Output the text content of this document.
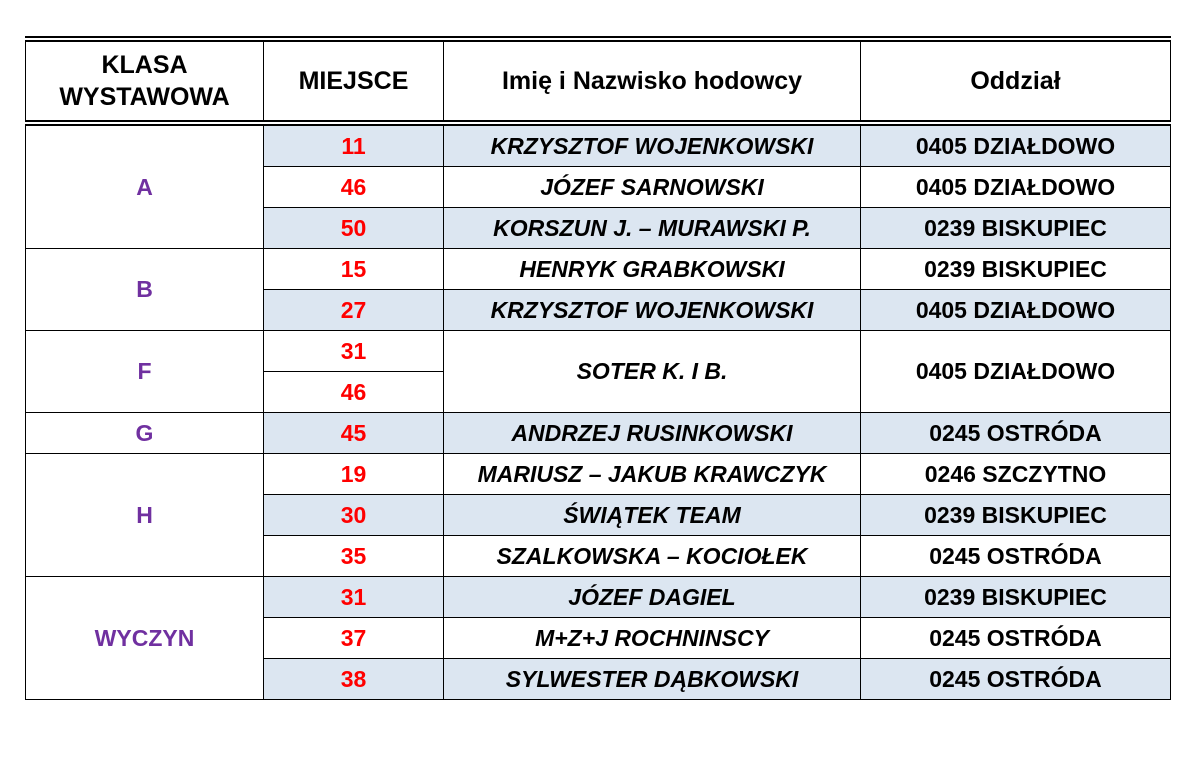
KLASA WYSTAWOWA	MIEJSCE	Imię i Nazwisko hodowcy	Oddział
A	11	KRZYSZTOF WOJENKOWSKI	0405 DZIAŁDOWO
	46	JÓZEF SARNOWSKI	0405 DZIAŁDOWO
	50	KORSZUN J. – MURAWSKI P.	0239 BISKUPIEC
B	15	HENRYK GRABKOWSKI	0239 BISKUPIEC
	27	KRZYSZTOF WOJENKOWSKI	0405 DZIAŁDOWO
F	31	SOTER K. I B.	0405 DZIAŁDOWO
	46		
G	45	ANDRZEJ RUSINKOWSKI	0245 OSTRÓDA
H	19	MARIUSZ – JAKUB KRAWCZYK	0246 SZCZYTNO
	30	ŚWIĄTEK TEAM	0239 BISKUPIEC
	35	SZALKOWSKA – KOCIOŁEK	0245 OSTRÓDA
WYCZYN	31	JÓZEF DAGIEL	0239 BISKUPIEC
	37	M+Z+J ROCHNINSCY	0245 OSTRÓDA
	38	SYLWESTER DĄBKOWSKI	0245 OSTRÓDA
